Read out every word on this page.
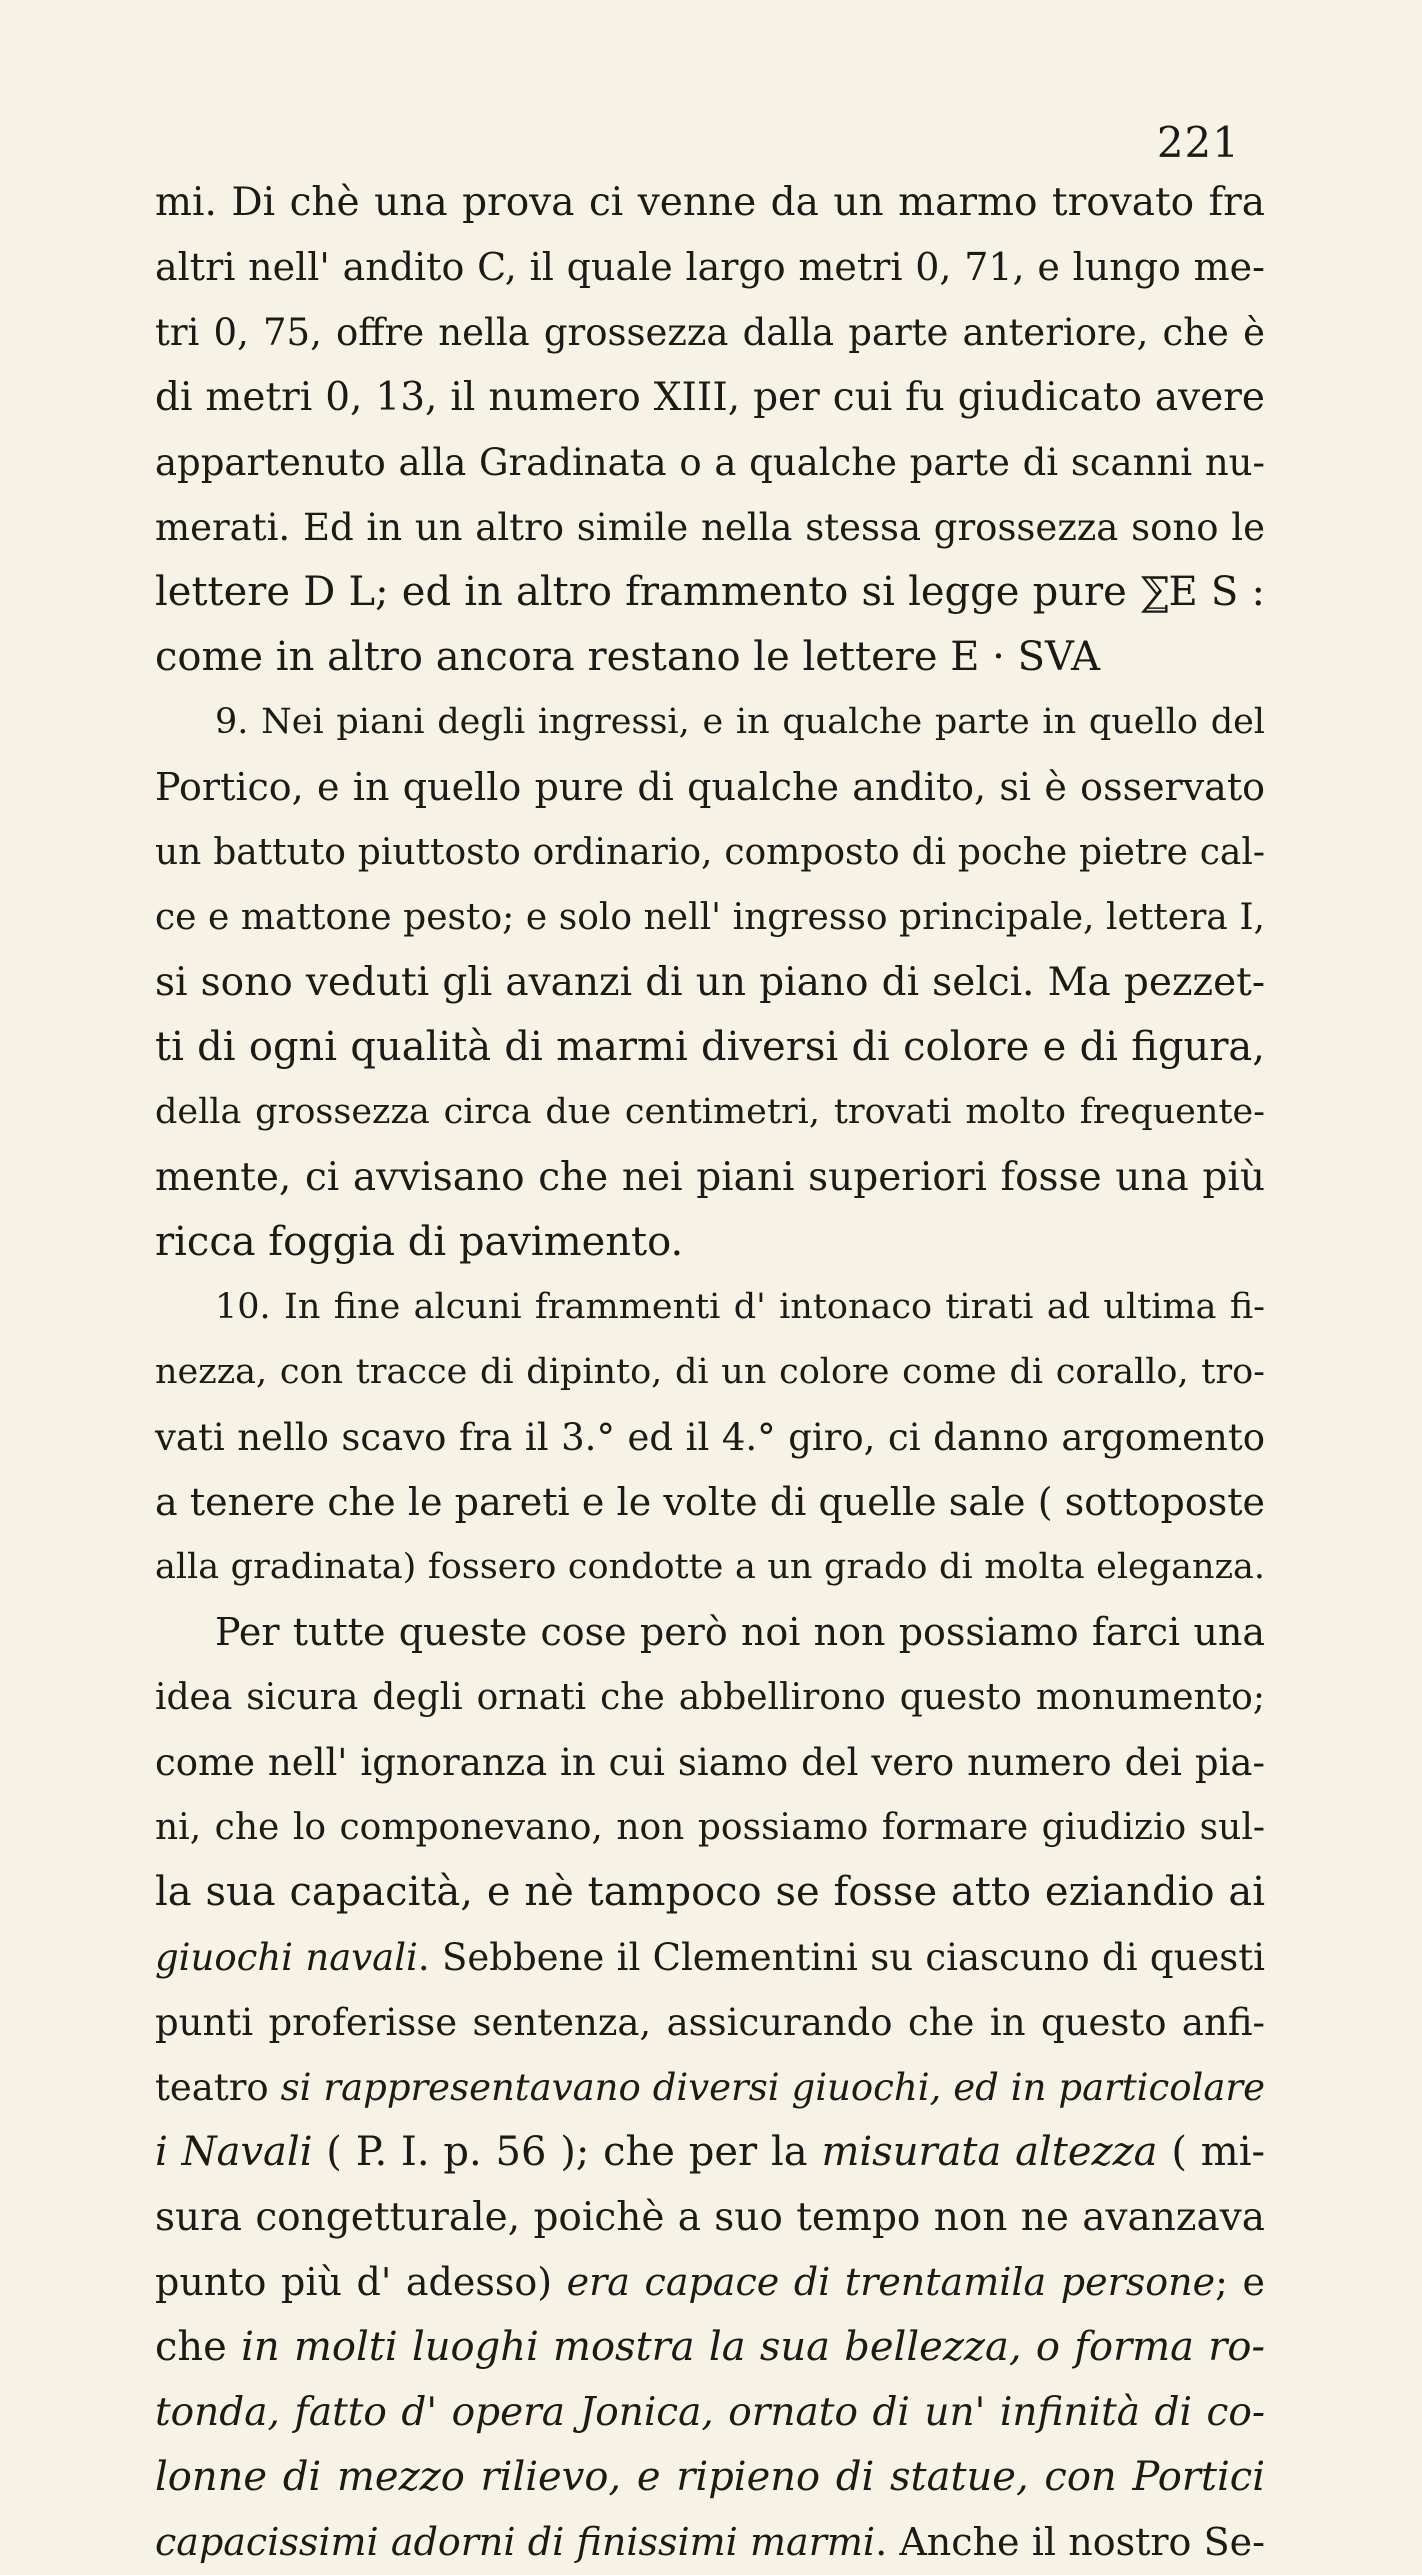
221
mi. Di chè una prova ci venne da un marmo trovato fra
altri nell' andito C, il quale largo metri 0, 71, e lungo me-
tri 0, 75, offre nella grossezza dalla parte anteriore, che è
di metri 0, 13, il numero XIII, per cui fu giudicato avere
appartenuto alla Gradinata o a qualche parte di scanni nu-
merati. Ed in un altro simile nella stessa grossezza sono le
lettere D L; ed in altro frammento si legge pure ⅀E S :
come in altro ancora restano le lettere E · SVA
9. Nei piani degli ingressi, e in qualche parte in quello del
Portico, e in quello pure di qualche andito, si è osservato
un battuto piuttosto ordinario, composto di poche pietre cal-
ce e mattone pesto; e solo nell' ingresso principale, lettera I,
si sono veduti gli avanzi di un piano di selci. Ma pezzet-
ti di ogni qualità di marmi diversi di colore e di figura,
della grossezza circa due centimetri, trovati molto frequente-
mente, ci avvisano che nei piani superiori fosse una più
ricca foggia di pavimento.
10. In fine alcuni frammenti d' intonaco tirati ad ultima fi-
nezza, con tracce di dipinto, di un colore come di corallo, tro-
vati nello scavo fra il 3.° ed il 4.° giro, ci danno argomento
a tenere che le pareti e le volte di quelle sale ( sottoposte
alla gradinata) fossero condotte a un grado di molta eleganza.
Per tutte queste cose però noi non possiamo farci una
idea sicura degli ornati che abbellirono questo monumento;
come nell' ignoranza in cui siamo del vero numero dei pia-
ni, che lo componevano, non possiamo formare giudizio sul-
la sua capacità, e nè tampoco se fosse atto eziandio ai
giuochi navali. Sebbene il Clementini su ciascuno di questi
punti proferisse sentenza, assicurando che in questo anfi-
teatro si rappresentavano diversi giuochi, ed in particolare
i Navali ( P. I. p. 56 ); che per la misurata altezza ( mi-
sura congetturale, poichè a suo tempo non ne avanzava
punto più d' adesso) era capace di trentamila persone; e
che in molti luoghi mostra la sua bellezza, o forma ro-
tonda, fatto d' opera Jonica, ornato di un' infinità di co-
lonne di mezzo rilievo, e ripieno di statue, con Portici
capacissimi adorni di finissimi marmi. Anche il nostro Se-
